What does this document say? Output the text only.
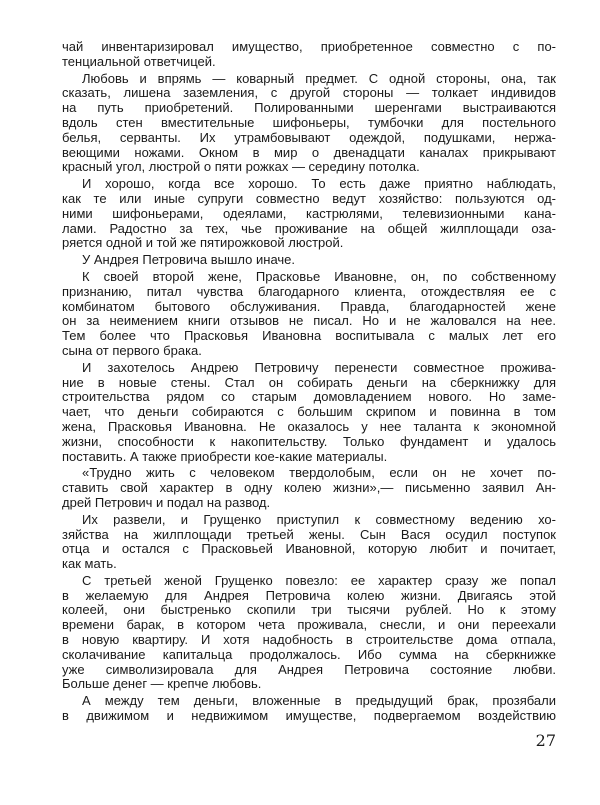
чай инвентаризировал имущество, приобретенное совместно с по-
тенциальной ответчицей.
Любовь и впрямь — коварный предмет. С одной стороны, она, так
сказать, лишена заземления, с другой стороны — толкает индивидов
на путь приобретений. Полированными шеренгами выстраиваются
вдоль стен вместительные шифоньеры, тумбочки для постельного
белья, серванты. Их утрамбовывают одеждой, подушками, нержа-
веющими ножами. Окном в мир о двенадцати каналах прикрывают
красный угол, люстрой о пяти рожках — середину потолка.
И хорошо, когда все хорошо. То есть даже приятно наблюдать,
как те или иные супруги совместно ведут хозяйство: пользуются од-
ними шифоньерами, одеялами, кастрюлями, телевизионными кана-
лами. Радостно за тех, чье проживание на общей жилплощади оза-
ряется одной и той же пятирожковой люстрой.
У Андрея Петровича вышло иначе.
К своей второй жене, Прасковье Ивановне, он, по собственному
признанию, питал чувства благодарного клиента, отождествляя ее с
комбинатом бытового обслуживания. Правда, благодарностей жене
он за неимением книги отзывов не писал. Но и не жаловался на нее.
Тем более что Прасковья Ивановна воспитывала с малых лет его
сына от первого брака.
И захотелось Андрею Петровичу перенести совместное прожива-
ние в новые стены. Стал он собирать деньги на сберкнижку для
строительства рядом со старым домовладением нового. Но заме-
чает, что деньги собираются с большим скрипом и повинна в том
жена, Прасковья Ивановна. Не оказалось у нее таланта к экономной
жизни, способности к накопительству. Только фундамент и удалось
поставить. А также приобрести кое-какие материалы.
«Трудно жить с человеком твердолобым, если он не хочет по-
ставить свой характер в одну колею жизни»,— письменно заявил Ан-
дрей Петрович и подал на развод.
Их развели, и Грущенко приступил к совместному ведению хо-
зяйства на жилплощади третьей жены. Сын Вася осудил поступок
отца и остался с Прасковьей Ивановной, которую любит и почитает,
как мать.
С третьей женой Грущенко повезло: ее характер сразу же попал
в желаемую для Андрея Петровича колею жизни. Двигаясь этой
колеей, они быстренько скопили три тысячи рублей. Но к этому
времени барак, в котором чета проживала, снесли, и они переехали
в новую квартиру. И хотя надобность в строительстве дома отпала,
сколачивание капитальца продолжалось. Ибо сумма на сберкнижке
уже символизировала для Андрея Петровича состояние любви.
Больше денег — крепче любовь.
А между тем деньги, вложенные в предыдущий брак, прозябали
в движимом и недвижимом имуществе, подвергаемом воздействию
27
